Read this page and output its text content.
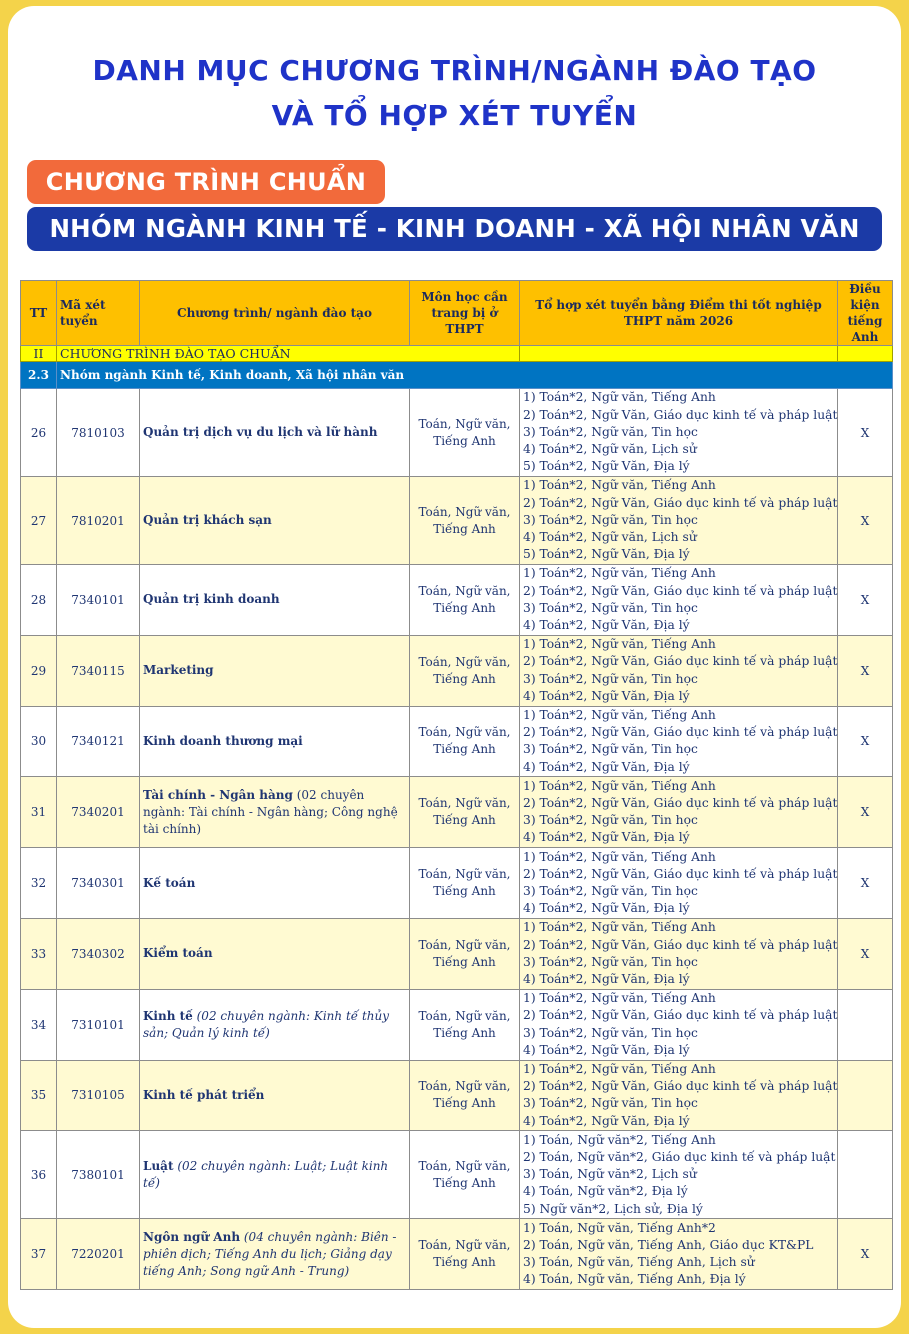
DANH MỤC CHƯƠNG TRÌNH/NGÀNH ĐÀO TẠO
VÀ TỔ HỢP XÉT TUYỂN
CHƯƠNG TRÌNH CHUẨN
NHÓM NGÀNH KINH TẾ - KINH DOANH - XÃ HỘI NHÂN VĂN
TT	Mã xét tuyển	Chương trình/ ngành đào tạo	Môn học cần trang bị ở THPT	Tổ hợp xét tuyển bằng Điểm thi tốt nghiệp THPT năm 2026	Điều kiện tiếng Anh
II	CHƯƠNG TRÌNH ĐÀO TẠO CHUẨN				
2.3	Nhóm ngành Kinh tế, Kinh doanh, Xã hội nhân văn				
26	7810103	Quản trị dịch vụ du lịch và lữ hành	Toán, Ngữ văn, Tiếng Anh	1) Toán*2, Ngữ văn, Tiếng Anh
2) Toán*2, Ngữ Văn, Giáo dục kinh tế và pháp luật
3) Toán*2, Ngữ văn, Tin học
4) Toán*2, Ngữ văn, Lịch sử
5) Toán*2, Ngữ Văn, Địa lý	X
27	7810201	Quản trị khách sạn	Toán, Ngữ văn, Tiếng Anh	1) Toán*2, Ngữ văn, Tiếng Anh
2) Toán*2, Ngữ Văn, Giáo dục kinh tế và pháp luật
3) Toán*2, Ngữ văn, Tin học
4) Toán*2, Ngữ văn, Lịch sử
5) Toán*2, Ngữ Văn, Địa lý	X
28	7340101	Quản trị kinh doanh	Toán, Ngữ văn, Tiếng Anh	1) Toán*2, Ngữ văn, Tiếng Anh
2) Toán*2, Ngữ Văn, Giáo dục kinh tế và pháp luật
3) Toán*2, Ngữ văn, Tin học
4) Toán*2, Ngữ Văn, Địa lý	X
29	7340115	Marketing	Toán, Ngữ văn, Tiếng Anh	1) Toán*2, Ngữ văn, Tiếng Anh
2) Toán*2, Ngữ Văn, Giáo dục kinh tế và pháp luật
3) Toán*2, Ngữ văn, Tin học
4) Toán*2, Ngữ Văn, Địa lý	X
30	7340121	Kinh doanh thương mại	Toán, Ngữ văn, Tiếng Anh	1) Toán*2, Ngữ văn, Tiếng Anh
2) Toán*2, Ngữ Văn, Giáo dục kinh tế và pháp luật
3) Toán*2, Ngữ văn, Tin học
4) Toán*2, Ngữ Văn, Địa lý	X
31	7340201	Tài chính - Ngân hàng (02 chuyên ngành: Tài chính - Ngân hàng; Công nghệ tài chính)	Toán, Ngữ văn, Tiếng Anh	1) Toán*2, Ngữ văn, Tiếng Anh
2) Toán*2, Ngữ Văn, Giáo dục kinh tế và pháp luật
3) Toán*2, Ngữ văn, Tin học
4) Toán*2, Ngữ Văn, Địa lý	X
32	7340301	Kế toán	Toán, Ngữ văn, Tiếng Anh	1) Toán*2, Ngữ văn, Tiếng Anh
2) Toán*2, Ngữ Văn, Giáo dục kinh tế và pháp luật
3) Toán*2, Ngữ văn, Tin học
4) Toán*2, Ngữ Văn, Địa lý	X
33	7340302	Kiểm toán	Toán, Ngữ văn, Tiếng Anh	1) Toán*2, Ngữ văn, Tiếng Anh
2) Toán*2, Ngữ Văn, Giáo dục kinh tế và pháp luật
3) Toán*2, Ngữ văn, Tin học
4) Toán*2, Ngữ Văn, Địa lý	X
34	7310101	Kinh tế (02 chuyên ngành: Kinh tế thủy sản; Quản lý kinh tế)	Toán, Ngữ văn, Tiếng Anh	1) Toán*2, Ngữ văn, Tiếng Anh
2) Toán*2, Ngữ Văn, Giáo dục kinh tế và pháp luật
3) Toán*2, Ngữ văn, Tin học
4) Toán*2, Ngữ Văn, Địa lý	

35	7310105	Kinh tế phát triển	Toán, Ngữ văn, Tiếng Anh	1) Toán*2, Ngữ văn, Tiếng Anh
2) Toán*2, Ngữ Văn, Giáo dục kinh tế và pháp luật
3) Toán*2, Ngữ văn, Tin học
4) Toán*2, Ngữ Văn, Địa lý	

36	7380101	Luật (02 chuyên ngành: Luật; Luật kinh tế)	Toán, Ngữ văn, Tiếng Anh	1) Toán, Ngữ văn*2, Tiếng Anh
2) Toán, Ngữ văn*2, Giáo dục kinh tế và pháp luật
3) Toán, Ngữ văn*2, Lịch sử
4) Toán, Ngữ văn*2, Địa lý
5) Ngữ văn*2, Lịch sử, Địa lý	

37	7220201	Ngôn ngữ Anh (04 chuyên ngành: Biên - phiên dịch; Tiếng Anh du lịch; Giảng dạy tiếng Anh; Song ngữ Anh - Trung)	Toán, Ngữ văn, Tiếng Anh	1) Toán, Ngữ văn, Tiếng Anh*2
2) Toán, Ngữ văn, Tiếng Anh, Giáo dục KT&PL
3) Toán, Ngữ văn, Tiếng Anh, Lịch sử
4) Toán, Ngữ văn, Tiếng Anh, Địa lý	X
